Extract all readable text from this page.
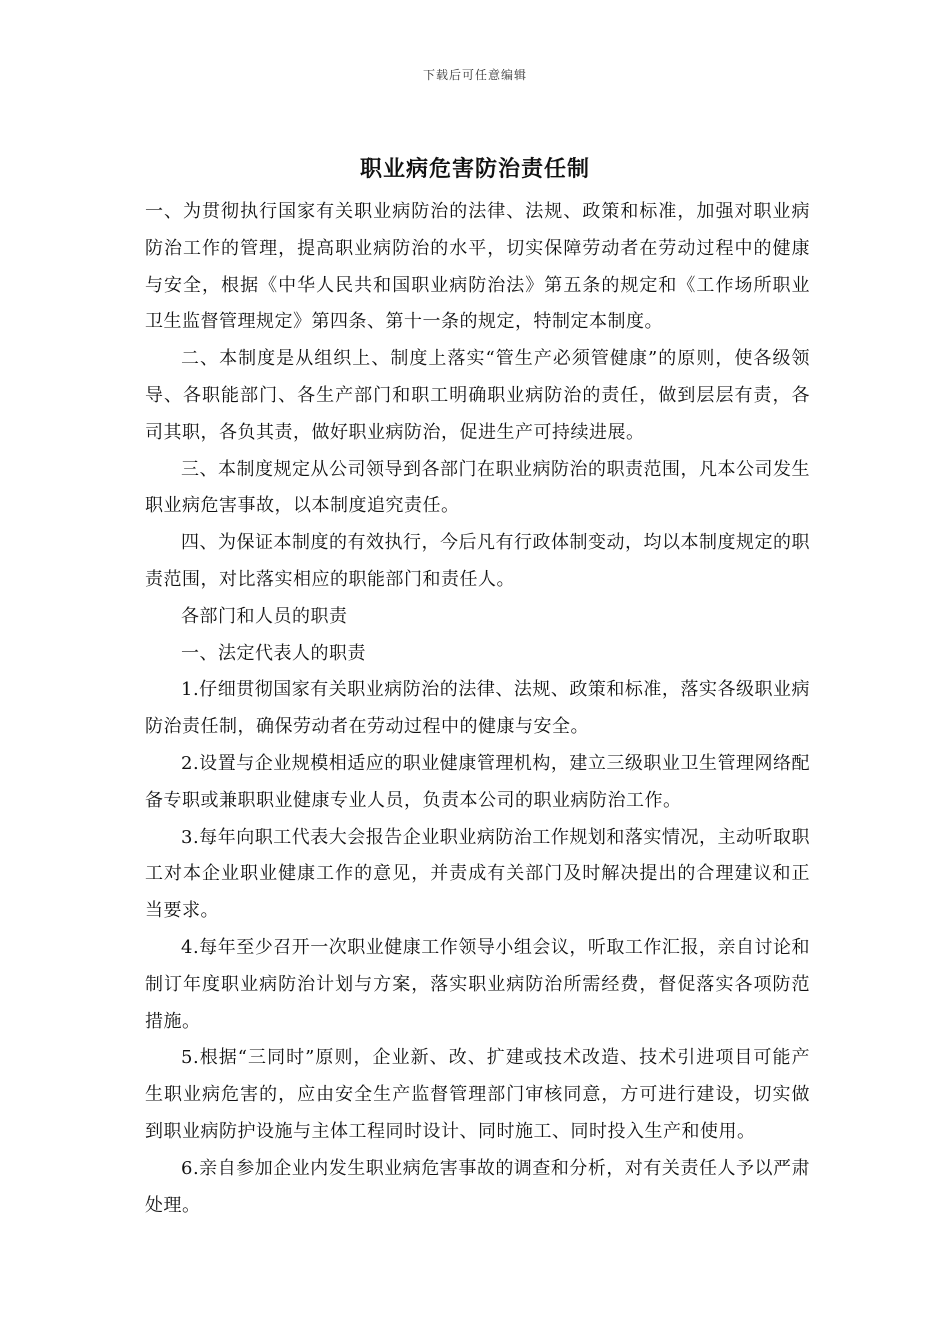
下载后可任意编辑
职业病危害防治责任制

一、为贯彻执行国家有关职业病防治的法律、法规、政策和标准，加强对职业病防治工作的管理，提高职业病防治的水平，切实保障劳动者在劳动过程中的健康与安全，根据《中华人民共和国职业病防治法》第五条的规定和《工作场所职业卫生监督管理规定》第四条、第十一条的规定，特制定本制度。

二、本制度是从组织上、制度上落实“管生产必须管健康”的原则，使各级领导、各职能部门、各生产部门和职工明确职业病防治的责任，做到层层有责，各司其职，各负其责，做好职业病防治，促进生产可持续进展。

三、本制度规定从公司领导到各部门在职业病防治的职责范围，凡本公司发生职业病危害事故，以本制度追究责任。

四、为保证本制度的有效执行，今后凡有行政体制变动，均以本制度规定的职责范围，对比落实相应的职能部门和责任人。

各部门和人员的职责

一、法定代表人的职责

1.仔细贯彻国家有关职业病防治的法律、法规、政策和标准，落实各级职业病防治责任制，确保劳动者在劳动过程中的健康与安全。

2.设置与企业规模相适应的职业健康管理机构，建立三级职业卫生管理网络配备专职或兼职职业健康专业人员，负责本公司的职业病防治工作。

3.每年向职工代表大会报告企业职业病防治工作规划和落实情况，主动听取职工对本企业职业健康工作的意见，并责成有关部门及时解决提出的合理建议和正当要求。

4.每年至少召开一次职业健康工作领导小组会议，听取工作汇报，亲自讨论和制订年度职业病防治计划与方案，落实职业病防治所需经费，督促落实各项防范措施。

5.根据“三同时”原则，企业新、改、扩建或技术改造、技术引进项目可能产生职业病危害的，应由安全生产监督管理部门审核同意，方可进行建设，切实做到职业病防护设施与主体工程同时设计、同时施工、同时投入生产和使用。

6.亲自参加企业内发生职业病危害事故的调查和分析，对有关责任人予以严肃处理。
